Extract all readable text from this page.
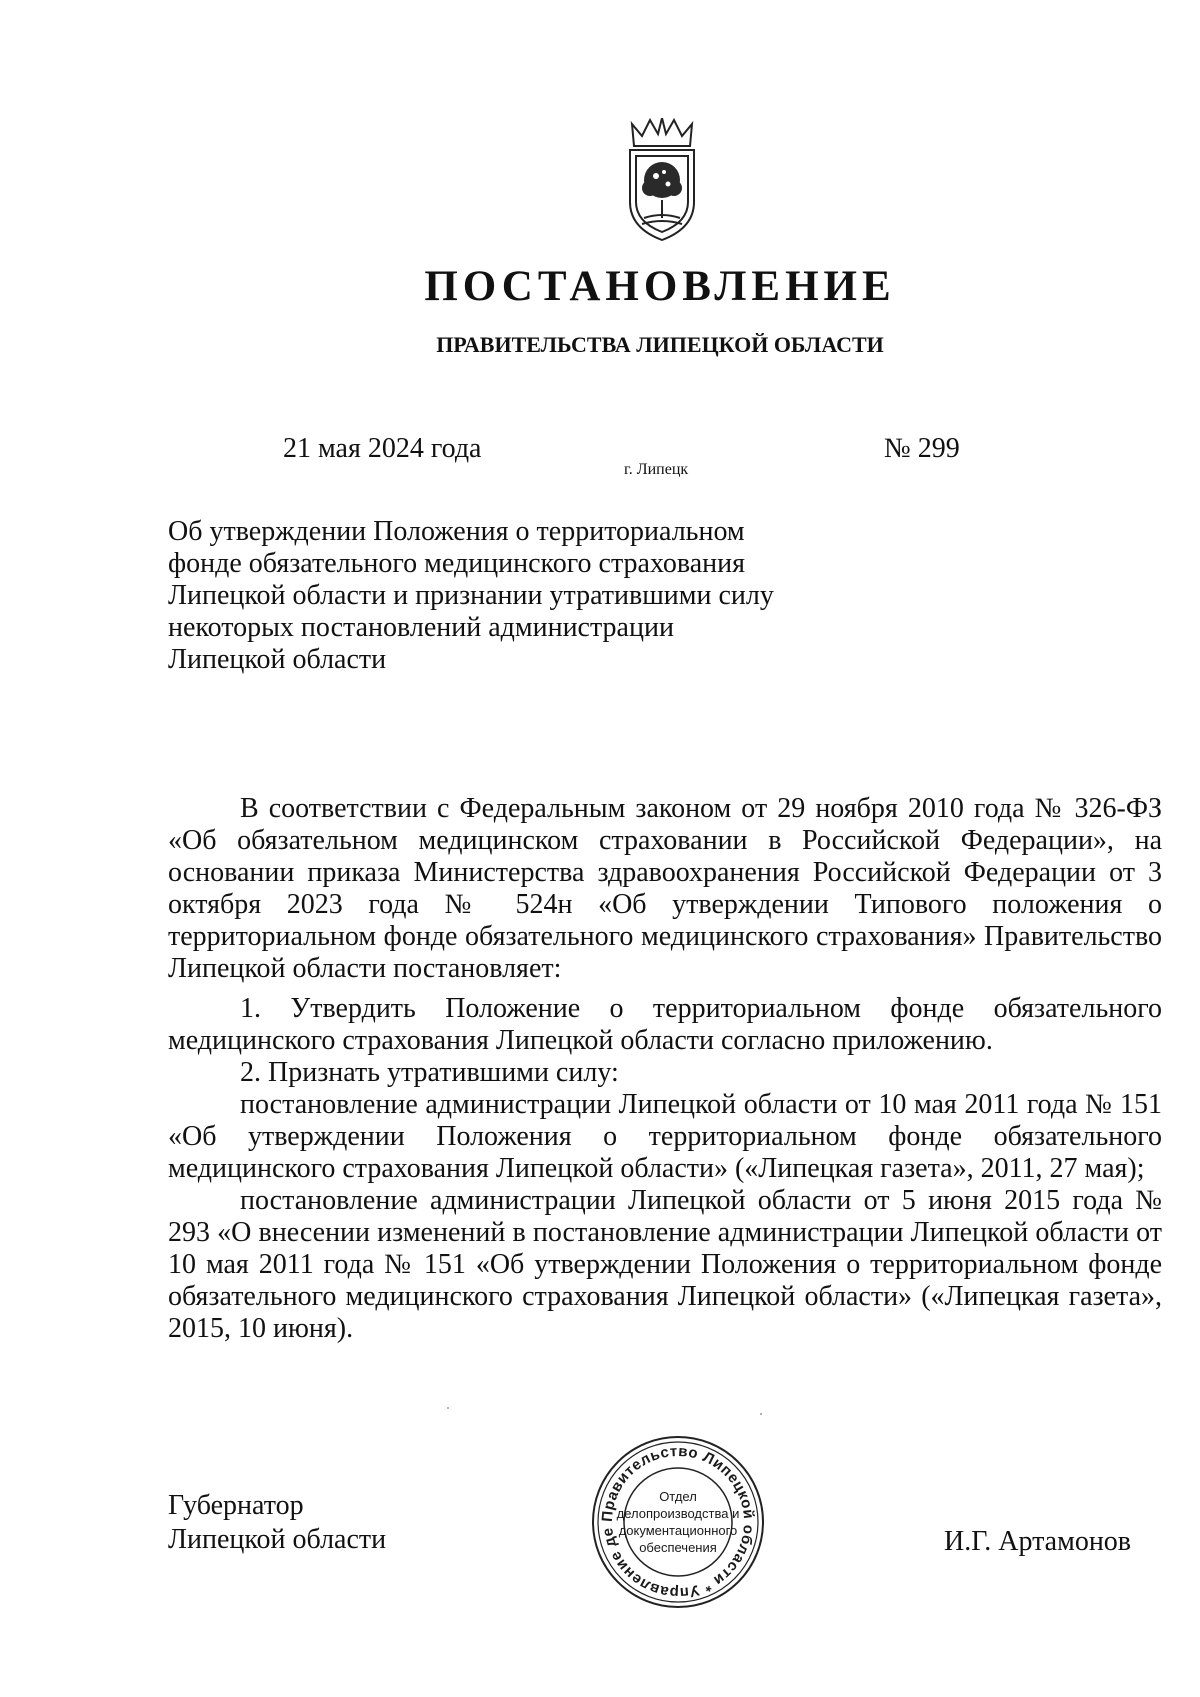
ПОСТАНОВЛЕНИЕ
ПРАВИТЕЛЬСТВА ЛИПЕЦКОЙ ОБЛАСТИ
21 мая 2024 года
г. Липецк
№ 299
Об утверждении Положения о территориальном
фонде обязательного медицинского страхования
Липецкой области и признании утратившими силу
некоторых постановлений администрации
Липецкой области

В соответствии с Федеральным законом от 29 ноября 2010 года № 326-ФЗ «Об обязательном медицинском страховании в Российской Федерации», на основании приказа Министерства здравоохранения Российской Федерации от 3 октября 2023 года № 524н «Об утверждении Типового положения о территориальном фонде обязательного медицинского страхования» Правительство Липецкой области постановляет:

1. Утвердить Положение о территориальном фонде обязательного медицинского страхования Липецкой области согласно приложению.

2. Признать утратившими силу:

постановление администрации Липецкой области от 10 мая 2011 года № 151 «Об утверждении Положения о территориальном фонде обязательного медицинского страхования Липецкой области» («Липецкая газета», 2011, 27 мая);

постановление администрации Липецкой области от 5 июня 2015 года № 293 «О внесении изменений в постановление администрации Липецкой области от 10 мая 2011 года № 151 «Об утверждении Положения о территориальном фонде обязательного медицинского страхования Липецкой области» («Липецкая газета», 2015, 10 июня).

Губернатор
Липецкой области	И.Г. Артамонов
Правительство Липецкой области * Управление де
Отдел
делопроизводства и
документационного
обеспечения
